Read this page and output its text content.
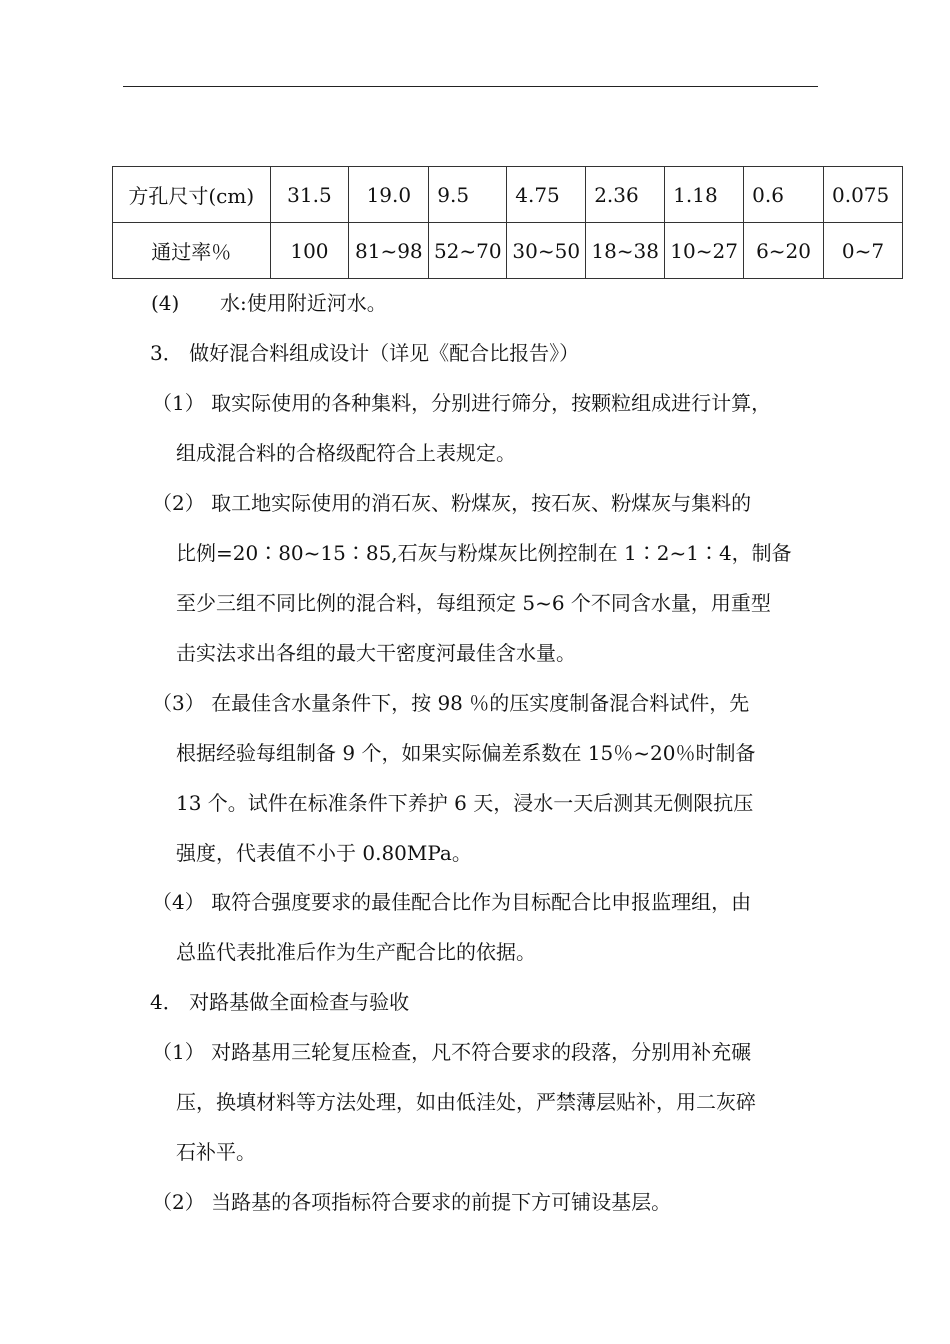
方孔尺寸(cm)	31.5	19.0	9.5	4.75	2.36	1.18	0.6	0.075
通过率％	100	81~98	52~70	30~50	18~38	10~27	6~20	0~7
(4) 水:使用附近河水。
3． 做好混合料组成设计（详见《配合比报告》）
（1） 取实际使用的各种集料，分别进行筛分，按颗粒组成进行计算，
组成混合料的合格级配符合上表规定。
（2） 取工地实际使用的消石灰、粉煤灰，按石灰、粉煤灰与集料的
比例=20∶80~15∶85,石灰与粉煤灰比例控制在 1∶2~1∶4，制备
至少三组不同比例的混合料，每组预定 5~6 个不同含水量，用重型
击实法求出各组的最大干密度河最佳含水量。
（3） 在最佳含水量条件下，按 98 ％的压实度制备混合料试件，先
根据经验每组制备 9 个，如果实际偏差系数在 15％~20％时制备
13 个。试件在标准条件下养护 6 天，浸水一天后测其无侧限抗压
强度，代表值不小于 0.80MPa。
（4） 取符合强度要求的最佳配合比作为目标配合比申报监理组，由
总监代表批准后作为生产配合比的依据。
4． 对路基做全面检查与验收
（1） 对路基用三轮复压检查，凡不符合要求的段落，分别用补充碾
压，换填材料等方法处理，如由低洼处，严禁薄层贴补，用二灰碎
石补平。
（2） 当路基的各项指标符合要求的前提下方可铺设基层。
